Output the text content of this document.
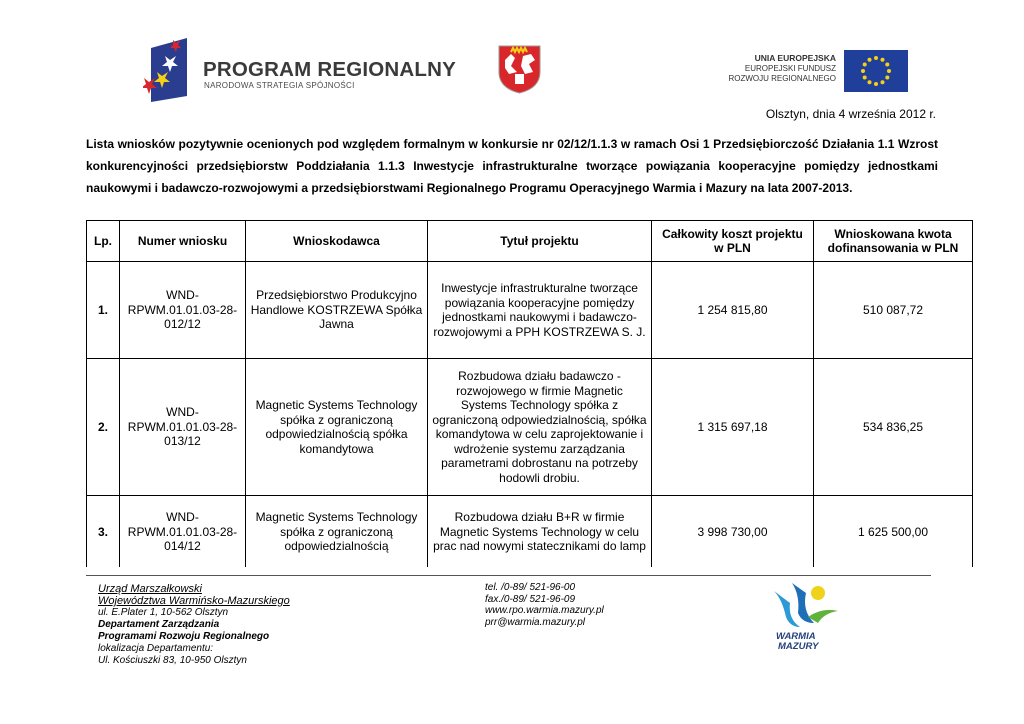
PROGRAM REGIONALNY
NARODOWA STRATEGIA SPÓJNOŚCI
UNIA EUROPEJSKA
EUROPEJSKI FUNDUSZ
ROZWOJU REGIONALNEGO
Olsztyn, dnia 4 września 2012 r.
Lista wniosków pozytywnie ocenionych pod względem formalnym w konkursie nr 02/12/1.1.3 w ramach Osi 1 Przedsiębiorczość Działania 1.1 Wzrost konkurencyjności przedsiębiorstw Poddziałania 1.1.3 Inwestycje infrastrukturalne tworzące powiązania kooperacyjne pomiędzy jednostkami naukowymi i badawczo-rozwojowymi a przedsiębiorstwami Regionalnego Programu Operacyjnego Warmia i Mazury na lata 2007-2013.
Lp.	Numer wniosku	Wnioskodawca	Tytuł projektu	Całkowity koszt projektu w PLN	Wnioskowana kwota dofinansowania w PLN
1.	WND-RPWM.01.01.03-28-012/12	Przedsiębiorstwo Produkcyjno Handlowe KOSTRZEWA Spółka Jawna	Inwestycje infrastrukturalne tworzące powiązania kooperacyjne pomiędzy jednostkami naukowymi i badawczo-rozwojowymi a PPH KOSTRZEWA S. J.	1 254 815,80	510 087,72
2.	WND-RPWM.01.01.03-28-013/12	Magnetic Systems Technology spółka z ograniczoną odpowiedzialnością spółka komandytowa	Rozbudowa działu badawczo - rozwojowego w firmie Magnetic Systems Technology spółka z ograniczoną odpowiedzialnością, spółka komandytowa w celu zaprojektowanie i wdrożenie systemu zarządzania parametrami dobrostanu na potrzeby hodowli drobiu.	1 315 697,18	534 836,25
3.	WND-RPWM.01.01.03-28-014/12	Magnetic Systems Technology spółka z ograniczoną odpowiedzialnością	Rozbudowa działu B+R w firmie Magnetic Systems Technology w celu prac nad nowymi statecznikami do lamp	3 998 730,00	1 625 500,00
Urząd Marszałkowski
Województwa Warmińsko-Mazurskiego
ul. E.Plater 1, 10-562 Olsztyn
Departament Zarządzania
Programami Rozwoju Regionalnego
lokalizacja Departamentu:
Ul. Kościuszki 83, 10-950 Olsztyn
tel. /0-89/ 521-96-00
fax./0-89/ 521-96-09
www.rpo.warmia.mazury.pl
prr@warmia.mazury.pl
WARMIA
MAZURY
